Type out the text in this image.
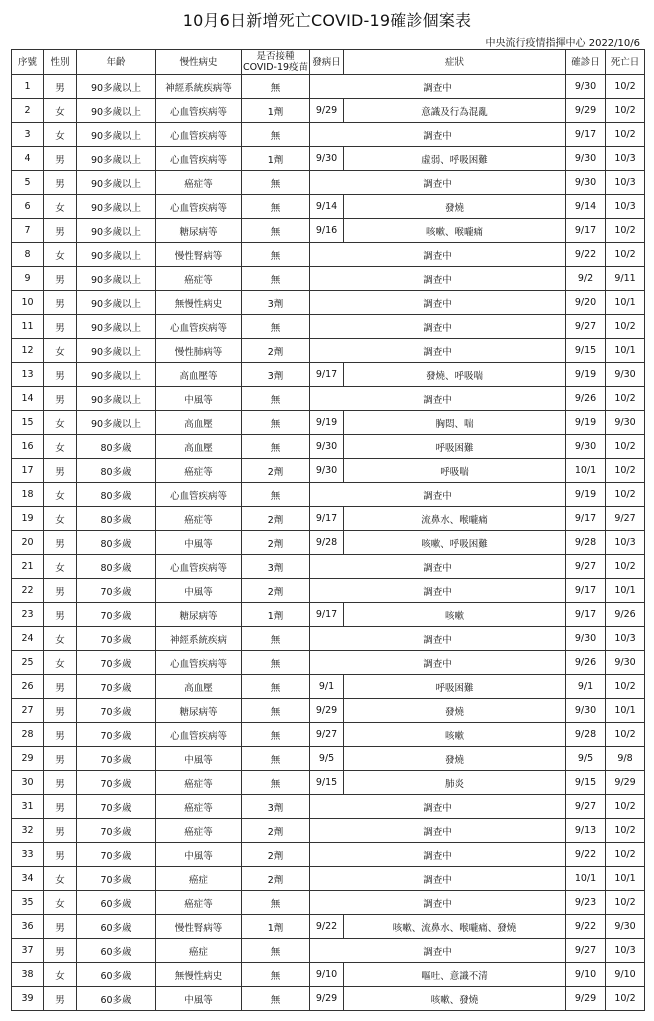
10月6日新增死亡COVID-19確診個案表
中央流行疫情指揮中心 2022/10/6
序號	性別	年齡	慢性病史	是否接種
COVID-19疫苗	發病日	症狀	確診日	死亡日
1	男	90多歲以上	神經系統疾病等	無	調查中		9/30	10/2
2	女	90多歲以上	心血管疾病等	1劑	9/29	意識及行為混亂	9/29	10/2
3	女	90多歲以上	心血管疾病等	無	調查中		9/17	10/2
4	男	90多歲以上	心血管疾病等	1劑	9/30	虛弱、呼吸困難	9/30	10/3
5	男	90多歲以上	癌症等	無	調查中		9/30	10/3
6	女	90多歲以上	心血管疾病等	無	9/14	發燒	9/14	10/3
7	男	90多歲以上	糖尿病等	無	9/16	咳嗽、喉嚨痛	9/17	10/2
8	女	90多歲以上	慢性腎病等	無	調查中		9/22	10/2
9	男	90多歲以上	癌症等	無	調查中		9/2	9/11
10	男	90多歲以上	無慢性病史	3劑	調查中		9/20	10/1
11	男	90多歲以上	心血管疾病等	無	調查中		9/27	10/2
12	女	90多歲以上	慢性肺病等	2劑	調查中		9/15	10/1
13	男	90多歲以上	高血壓等	3劑	9/17	發燒、呼吸喘	9/19	9/30
14	男	90多歲以上	中風等	無	調查中		9/26	10/2
15	女	90多歲以上	高血壓	無	9/19	胸悶、喘	9/19	9/30
16	女	80多歲	高血壓	無	9/30	呼吸困難	9/30	10/2
17	男	80多歲	癌症等	2劑	9/30	呼吸喘	10/1	10/2
18	女	80多歲	心血管疾病等	無	調查中		9/19	10/2
19	女	80多歲	癌症等	2劑	9/17	流鼻水、喉嚨痛	9/17	9/27
20	男	80多歲	中風等	2劑	9/28	咳嗽、呼吸困難	9/28	10/3
21	女	80多歲	心血管疾病等	3劑	調查中		9/27	10/2
22	男	70多歲	中風等	2劑	調查中		9/17	10/1
23	男	70多歲	糖尿病等	1劑	9/17	咳嗽	9/17	9/26
24	女	70多歲	神經系統疾病	無	調查中		9/30	10/3
25	女	70多歲	心血管疾病等	無	調查中		9/26	9/30
26	男	70多歲	高血壓	無	9/1	呼吸困難	9/1	10/2
27	男	70多歲	糖尿病等	無	9/29	發燒	9/30	10/1
28	男	70多歲	心血管疾病等	無	9/27	咳嗽	9/28	10/2
29	男	70多歲	中風等	無	9/5	發燒	9/5	9/8
30	男	70多歲	癌症等	無	9/15	肺炎	9/15	9/29
31	男	70多歲	癌症等	3劑	調查中		9/27	10/2
32	男	70多歲	癌症等	2劑	調查中		9/13	10/2
33	男	70多歲	中風等	2劑	調查中		9/22	10/2
34	女	70多歲	癌症	2劑	調查中		10/1	10/1
35	女	60多歲	癌症等	無	調查中		9/23	10/2
36	男	60多歲	慢性腎病等	1劑	9/22	咳嗽、流鼻水、喉嚨痛、發燒	9/22	9/30
37	男	60多歲	癌症	無	調查中		9/27	10/3
38	女	60多歲	無慢性病史	無	9/10	嘔吐、意識不清	9/10	9/10
39	男	60多歲	中風等	無	9/29	咳嗽、發燒	9/29	10/2
